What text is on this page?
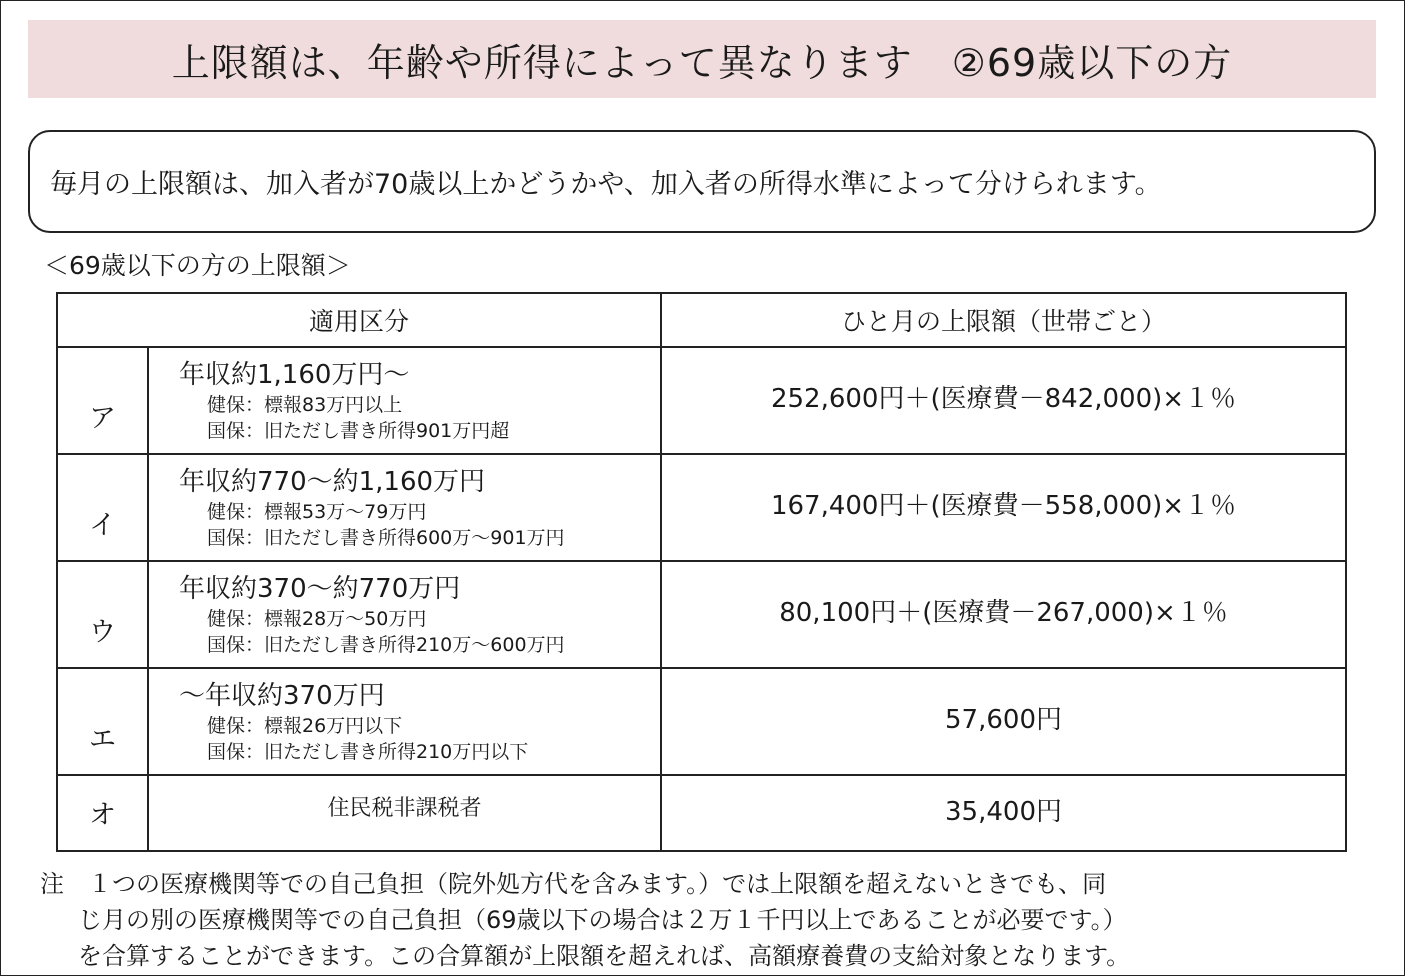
上限額は、年齢や所得によって異なります　②69歳以下の方
毎月の上限額は、加入者が70歳以上かどうかや、加入者の所得水準によって分けられます。
＜69歳以下の方の上限額＞
適用区分		ひと月の上限額（世帯ごと）

ア	年収約1,160万円～
健保：標報83万円以上
国保：旧ただし書き所得901万円超	252,600円＋(医療費－842,000)×１％

イ	年収約770～約1,160万円
健保：標報53万～79万円
国保：旧ただし書き所得600万～901万円	167,400円＋(医療費－558,000)×１％

ウ	年収約370～約770万円
健保：標報28万～50万円
国保：旧ただし書き所得210万～600万円	80,100円＋(医療費－267,000)×１％

エ	～年収約370万円
健保：標報26万円以下
国保：旧ただし書き所得210万円以下	57,600円

オ	住民税非課税者	35,400円
注　１つの医療機関等での自己負担（院外処方代を含みます。）では上限額を超えないときでも、同
じ月の別の医療機関等での自己負担（69歳以下の場合は２万１千円以上であることが必要です。）
を合算することができます。この合算額が上限額を超えれば、高額療養費の支給対象となります。
